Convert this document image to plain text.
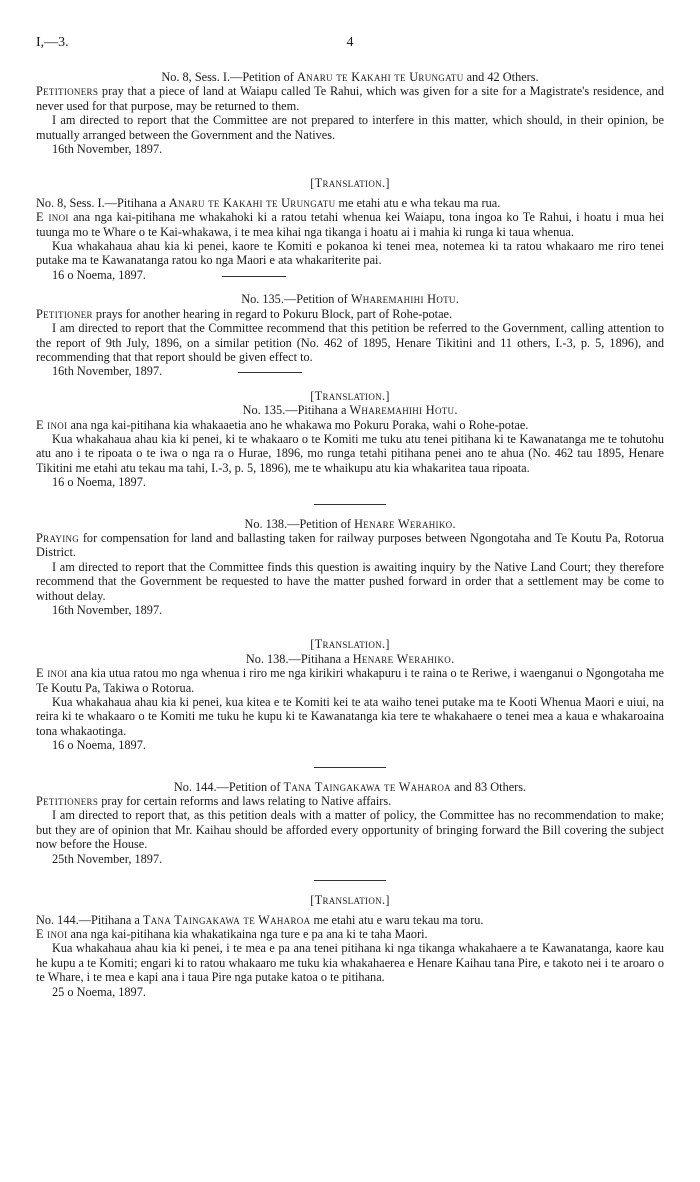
I,—3.	4

No. 8, Sess. I.—Petition of Anaru te Kakahi te Urungatu and 42 Others.

Petitioners pray that a piece of land at Waiapu called Te Rahui, which was given for a site for a Magistrate's residence, and never used for that purpose, may be returned to them.

I am directed to report that the Committee are not prepared to interfere in this matter, which should, in their opinion, be mutually arranged between the Government and the Natives.

16th November, 1897.

[Translation.]

No. 8, Sess. I.—Pitihana a Anaru te Kakahi te Urungatu me etahi atu e wha tekau ma rua.

E inoi ana nga kai-pitihana me whakahoki ki a ratou tetahi whenua kei Waiapu, tona ingoa ko Te Rahui, i hoatu i mua hei tuunga mo te Whare o te Kai-whakawa, i te mea kihai nga tikanga i hoatu ai i mahia ki runga ki taua whenua.

Kua whakahaua ahau kia ki penei, kaore te Komiti e pokanoa ki tenei mea, notemea ki ta ratou whakaaro me riro tenei putake ma te Kawanatanga ratou ko nga Maori e ata whakariterite pai.

16 o Noema, 1897.

No. 135.—Petition of Wharemahihi Hotu.

Petitioner prays for another hearing in regard to Pokuru Block, part of Rohe-potae.

I am directed to report that the Committee recommend that this petition be referred to the Government, calling attention to the report of 9th July, 1896, on a similar petition (No. 462 of 1895, Henare Tikitini and 11 others, I.-3, p. 5, 1896), and recommending that that report should be given effect to.

16th November, 1897.

[Translation.]

No. 135.—Pitihana a Wharemahihi Hotu.

E inoi ana nga kai-pitihana kia whakaaetia ano he whakawa mo Pokuru Poraka, wahi o Rohe-potae.

Kua whakahaua ahau kia ki penei, ki te whakaaro o te Komiti me tuku atu tenei pitihana ki te Kawanatanga me te tohutohu atu ano i te ripoata o te iwa o nga ra o Hurae, 1896, mo runga tetahi pitihana penei ano te ahua (No. 462 tau 1895, Henare Tikitini me etahi atu tekau ma tahi, I.-3, p. 5, 1896), me te whaikupu atu kia whakaritea taua ripoata.

16 o Noema, 1897.

No. 138.—Petition of Henare Werahiko.

Praying for compensation for land and ballasting taken for railway purposes between Ngongotaha and Te Koutu Pa, Rotorua District.

I am directed to report that the Committee finds this question is awaiting inquiry by the Native Land Court; they therefore recommend that the Government be requested to have the matter pushed forward in order that a settlement may be come to without delay.

16th November, 1897.

[Translation.]

No. 138.—Pitihana a Henare Werahiko.

E inoi ana kia utua ratou mo nga whenua i riro me nga kirikiri whakapuru i te raina o te Reriwe, i waenganui o Ngongotaha me Te Koutu Pa, Takiwa o Rotorua.

Kua whakahaua ahau kia ki penei, kua kitea e te Komiti kei te ata waiho tenei putake ma te Kooti Whenua Maori e uiui, na reira ki te whakaaro o te Komiti me tuku he kupu ki te Kawanatanga kia tere te whakahaere o tenei mea a kaua e whakaroaina tona whakaotinga.

16 o Noema, 1897.

No. 144.—Petition of Tana Taingakawa te Waharoa and 83 Others.

Petitioners pray for certain reforms and laws relating to Native affairs.

I am directed to report that, as this petition deals with a matter of policy, the Committee has no recommendation to make; but they are of opinion that Mr. Kaihau should be afforded every opportunity of bringing forward the Bill covering the subject now before the House.

25th November, 1897.

[Translation.]

No. 144.—Pitihana a Tana Taingakawa te Waharoa me etahi atu e waru tekau ma toru.

E inoi ana nga kai-pitihana kia whakatikaina nga ture e pa ana ki te taha Maori.

Kua whakahaua ahau kia ki penei, i te mea e pa ana tenei pitihana ki nga tikanga whakahaere a te Kawanatanga, kaore kau he kupu a te Komiti; engari ki to ratou whakaaro me tuku kia whakahaerea e Henare Kaihau tana Pire, e takoto nei i te aroaro o te Whare, i te mea e kapi ana i taua Pire nga putake katoa o te pitihana.

25 o Noema, 1897.
